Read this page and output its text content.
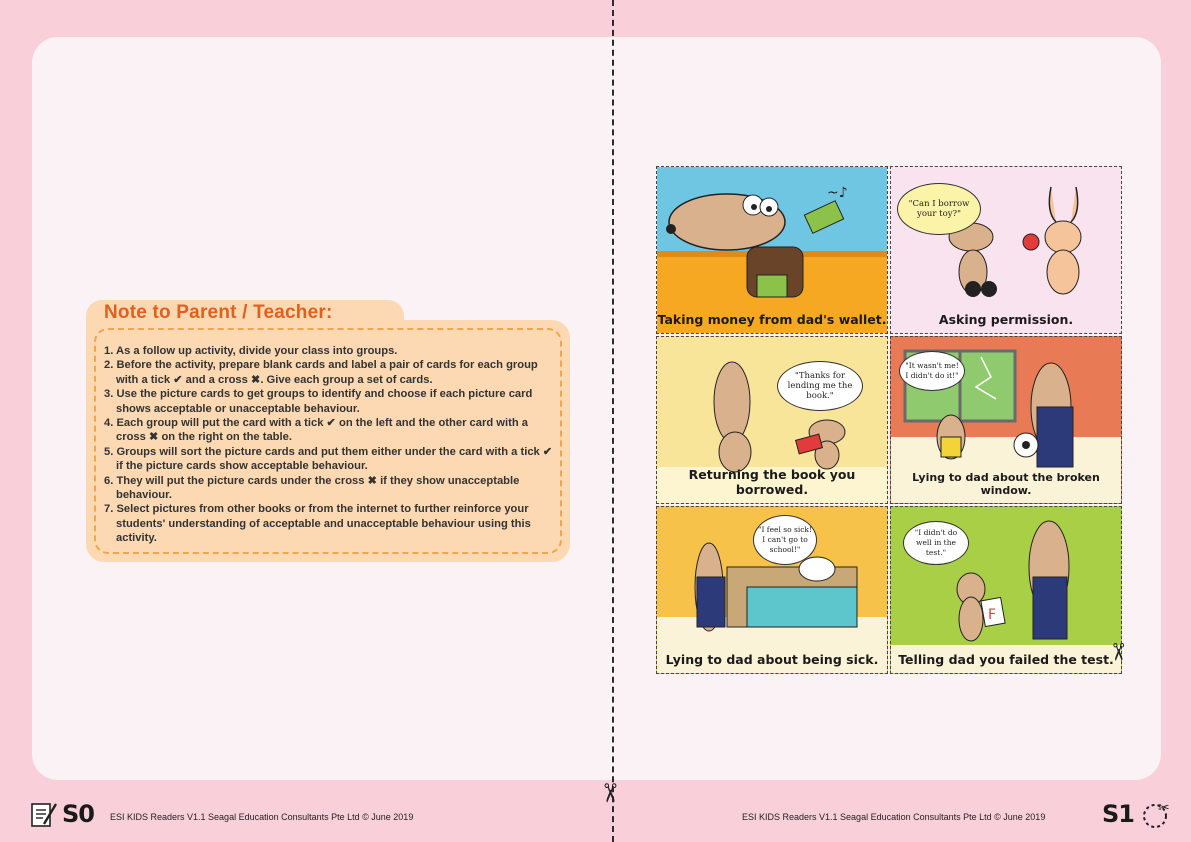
✂
Note to Parent / Teacher:
1. As a follow up activity, divide your class into groups.
2. Before the activity, prepare blank cards and label a pair of cards for each group with a tick ✔ and a cross ✖. Give each group a set of cards.
3. Use the picture cards to get groups to identify and choose if each picture card shows acceptable or unacceptable behaviour.
4. Each group will put the card with a tick ✔ on the left and the other card with a cross ✖ on the right on the table.
5. Groups will sort the picture cards and put them either under the card with a tick ✔ if the picture cards show acceptable behaviour.
6. They will put the picture cards under the cross ✖ if they show unacceptable behaviour.
7. Select pictures from other books or from the internet to further reinforce your students' understanding of acceptable and unacceptable behaviour using this activity.
~♪
Taking money from dad's wallet.
"Can I borrow your toy?"
Asking permission.
"Thanks for lending me the book."
Returning the book you borrowed.
"It wasn't me! I didn't do it!"
Lying to dad about the broken window.
"I feel so sick! I can't go to school!"
Lying to dad about being sick.
F
"I didn't do well in the test."
Telling dad you failed the test.
✂
S0 ESI KIDS Readers V1.1 Seagal Education Consultants Pte Ltd © June 2019	ESI KIDS Readers V1.1 Seagal Education Consultants Pte Ltd © June 2019 S1 ✂
